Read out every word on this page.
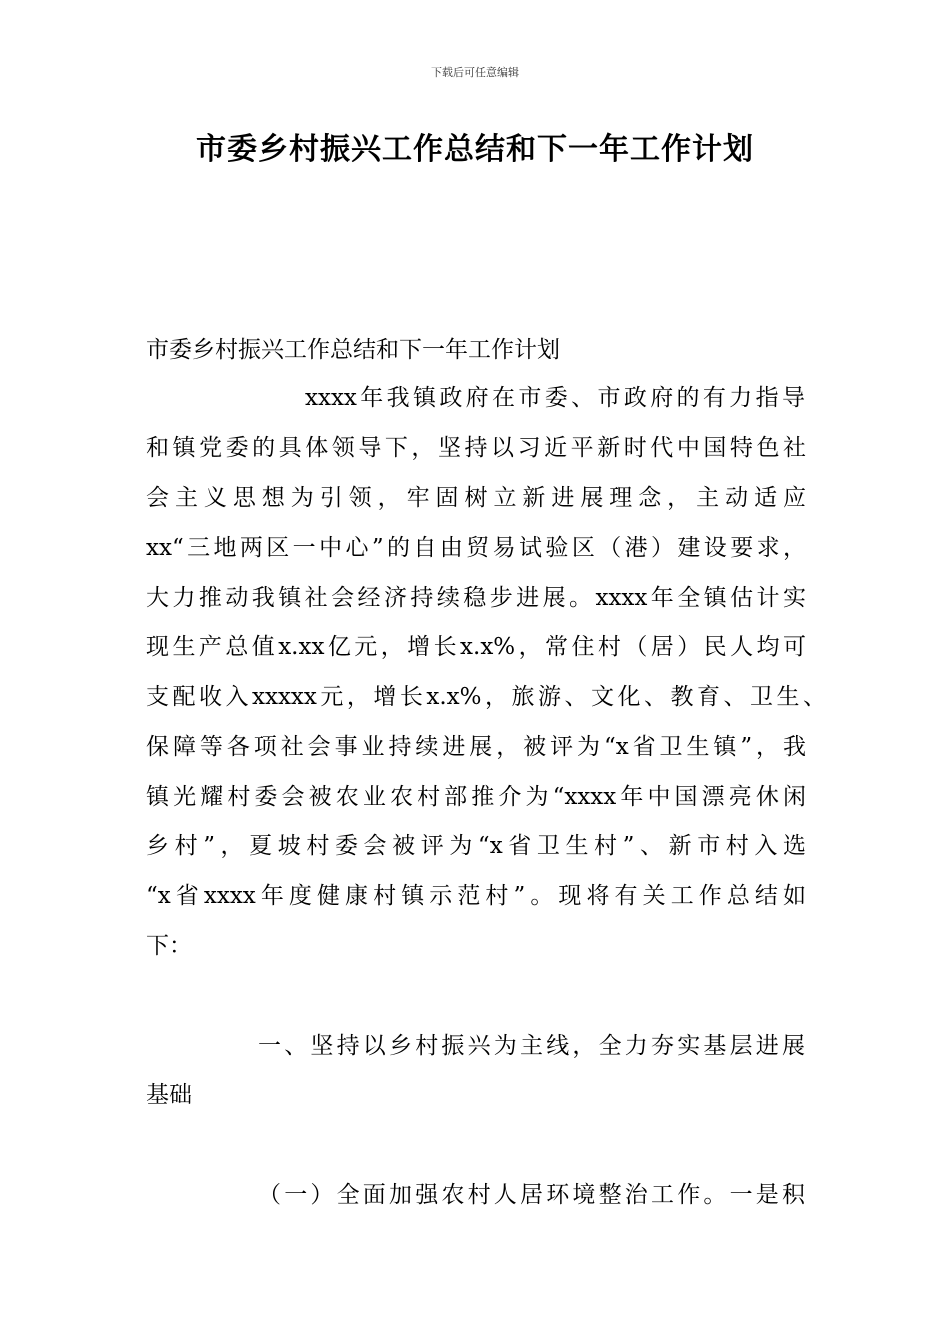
下载后可任意编辑
市委乡村振兴工作总结和下一年工作计划
市委乡村振兴工作总结和下一年工作计划
xxxx年我镇政府在市委、市政府的有力指导
和镇党委的具体领导下，坚持以习近平新时代中国特色社
会主义思想为引领，牢固树立新进展理念，主动适应
xx“三地两区一中心”的自由贸易试验区（港）建设要求，
大力推动我镇社会经济持续稳步进展。xxxx年全镇估计实
现生产总值x.xx亿元，增长x.x%，常住村（居）民人均可
支配收入xxxxx元，增长x.x%，旅游、文化、教育、卫生、
保障等各项社会事业持续进展，被评为“x省卫生镇”，我
镇光耀村委会被农业农村部推介为“xxxx年中国漂亮休闲
乡村”，夏坡村委会被评为“x省卫生村”、新市村入选
“x省xxxx年度健康村镇示范村”。现将有关工作总结如
下：
一、坚持以乡村振兴为主线，全力夯实基层进展
基础
（一）全面加强农村人居环境整治工作。一是积
